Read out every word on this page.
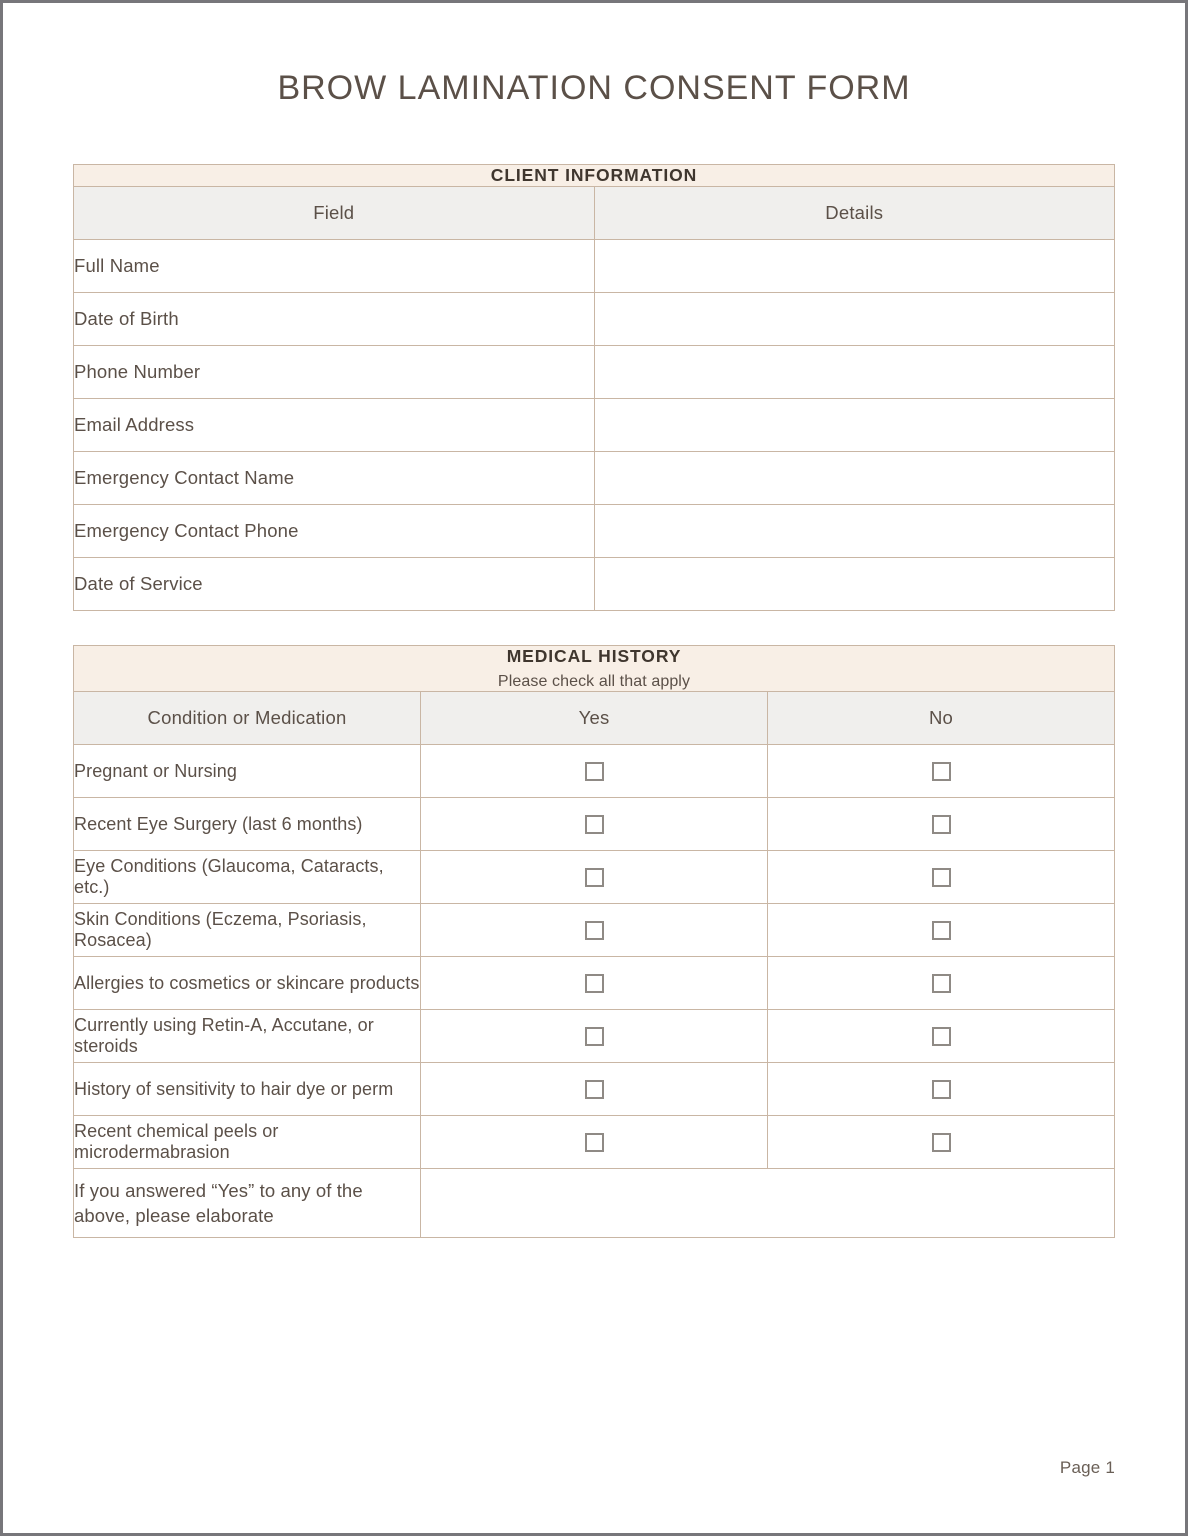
BROW LAMINATION CONSENT FORM
CLIENT INFORMATION	

Field	Details
Full Name	
Date of Birth	
Phone Number	
Email Address	
Emergency Contact Name	
Emergency Contact Phone	
Date of Service	
MEDICAL HISTORY
Please check all that apply		

Condition or Medication	Yes	No
Pregnant or Nursing		
Recent Eye Surgery (last 6 months)		
Eye Conditions (Glaucoma, Cataracts, etc.)		
Skin Conditions (Eczema, Psoriasis, Rosacea)		
Allergies to cosmetics or skincare products		
Currently using Retin-A, Accutane, or steroids		
History of sensitivity to hair dye or perm		
Recent chemical peels or microdermabrasion		
If you answered “Yes” to any of the above, please elaborate		
Page 1
